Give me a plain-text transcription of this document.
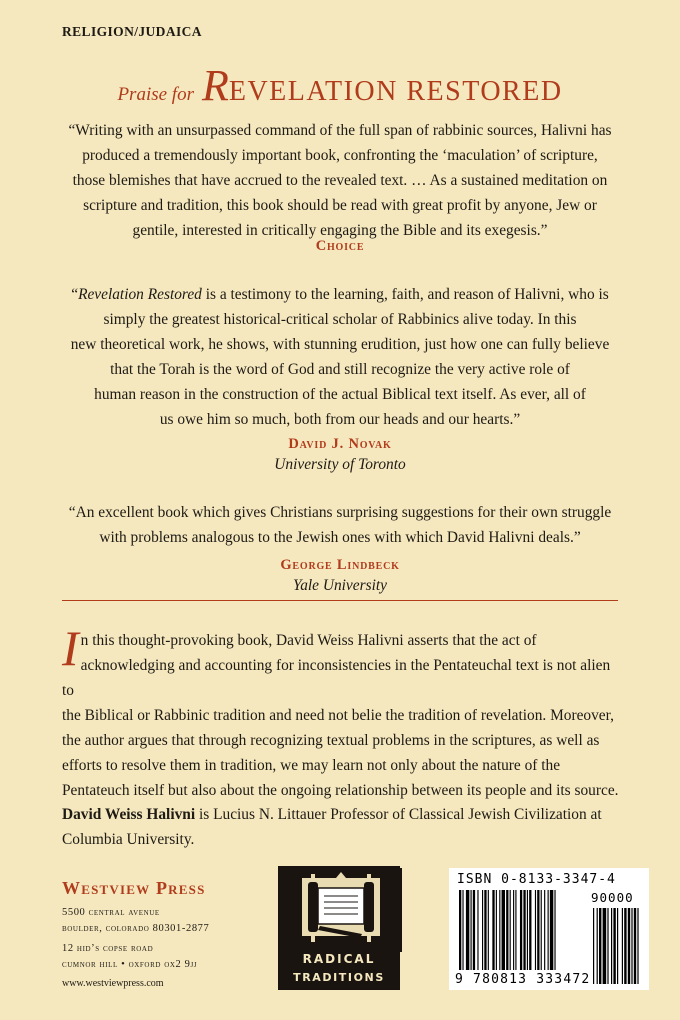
RELIGION/JUDAICA
Praise for REVELATION RESTORED
“Writing with an unsurpassed command of the full span of rabbinic sources, Halivni has
produced a tremendously important book, confronting the ‘maculation’ of scripture,
those blemishes that have accrued to the revealed text. … As a sustained meditation on
scripture and tradition, this book should be read with great profit by anyone, Jew or
gentile, interested in critically engaging the Bible and its exegesis.”
Choice
“Revelation Restored is a testimony to the learning, faith, and reason of Halivni, who is
simply the greatest historical-critical scholar of Rabbinics alive today. In this
new theoretical work, he shows, with stunning erudition, just how one can fully believe
that the Torah is the word of God and still recognize the very active role of
human reason in the construction of the actual Biblical text itself. As ever, all of
us owe him so much, both from our heads and our hearts.”
David J. Novak
University of Toronto
“An excellent book which gives Christians surprising suggestions for their own struggle
with problems analogous to the Jewish ones with which David Halivni deals.”
George Lindbeck
Yale University
I n this thought-provoking book, David Weiss Halivni asserts that the act of
acknowledging and accounting for inconsistencies in the Pentateuchal text is not alien to
the Biblical or Rabbinic tradition and need not belie the tradition of revelation. Moreover,
the author argues that through recognizing textual problems in the scriptures, as well as
efforts to resolve them in tradition, we may learn not only about the nature of the
Pentateuch itself but also about the ongoing relationship between its people and its source.
David Weiss Halivni is Lucius N. Littauer Professor of Classical Jewish Civilization at
Columbia University.
Westview Press
5500 central avenue
boulder, colorado 80301-2877
12 hid’s copse road
cumnor hill • oxford ox2 9jj
www.westviewpress.com
RADICAL
TRADITIONS
ISBN 0-8133-3347-4
90000
9 780813 333472
